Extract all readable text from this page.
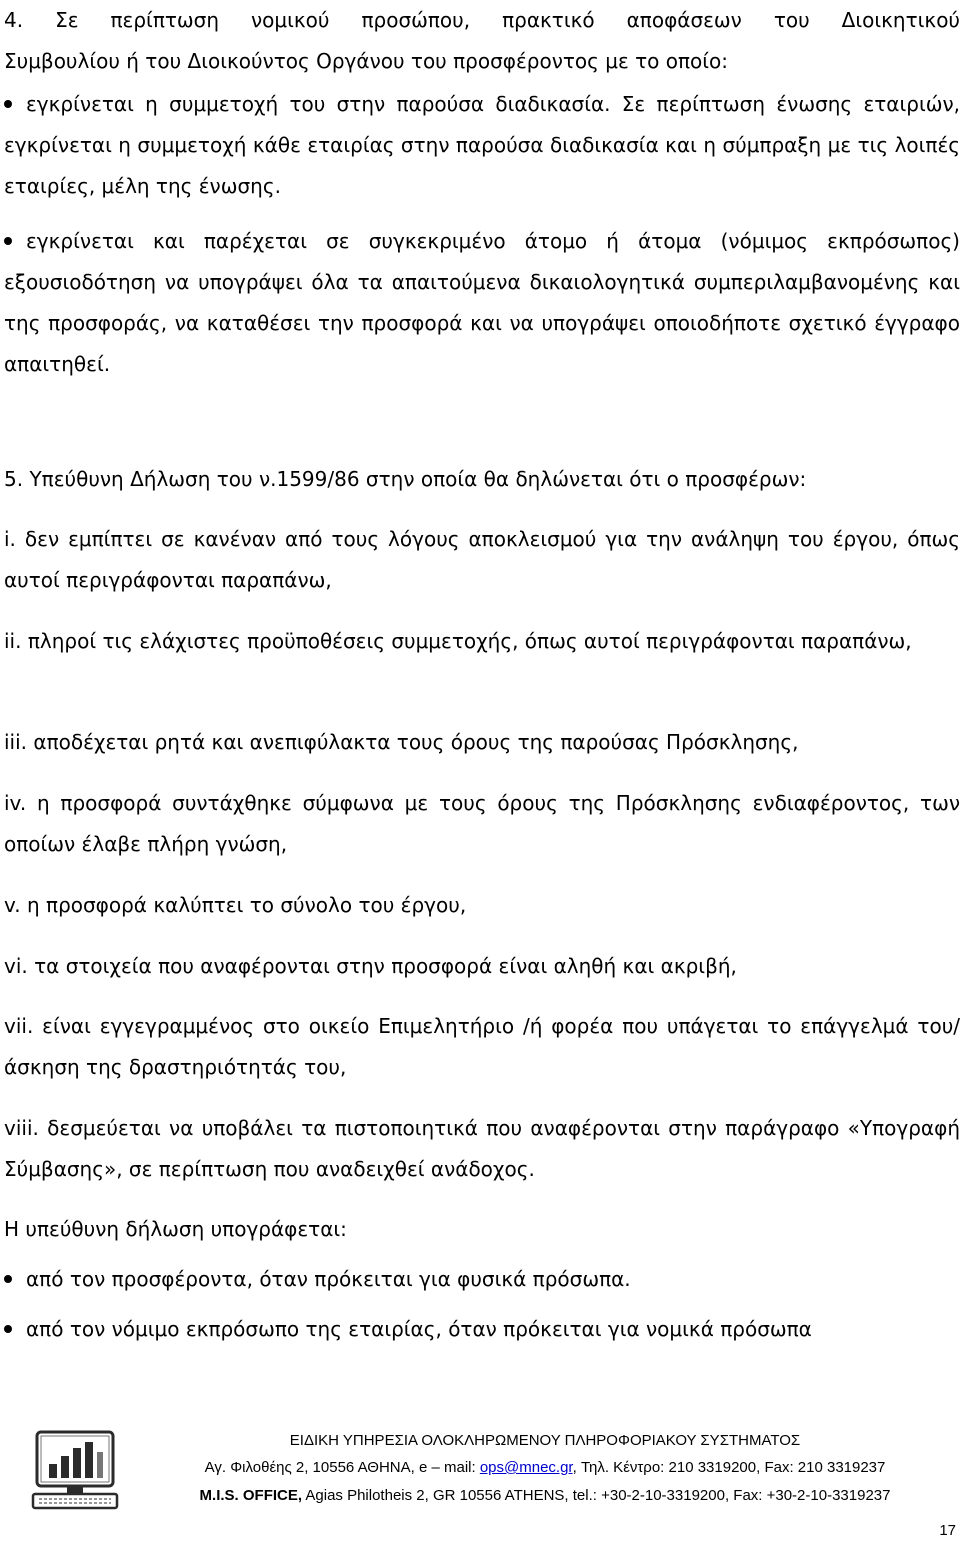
4. Σε περίπτωση νομικού προσώπου, πρακτικό αποφάσεων του Διοικητικού
Συμβουλίου ή του Διοικούντος Οργάνου του προσφέροντος με το οποίο:

εγκρίνεται η συμμετοχή του στην παρούσα διαδικασία. Σε περίπτωση ένωσης εταιριών, εγκρίνεται η συμμετοχή κάθε εταιρίας στην παρούσα διαδικασία και η σύμπραξη με τις λοιπές εταιρίες, μέλη της ένωσης.

εγκρίνεται και παρέχεται σε συγκεκριμένο άτομο ή άτομα (νόμιμος εκπρόσωπος) εξουσιοδότηση να υπογράψει όλα τα απαιτούμενα δικαιολογητικά συμπεριλαμβανομένης και της προσφοράς, να καταθέσει την προσφορά και να υπογράψει οποιοδήποτε σχετικό έγγραφο απαιτηθεί.

5. Υπεύθυνη Δήλωση του ν.1599/86 στην οποία θα δηλώνεται ότι ο προσφέρων:

i. δεν εμπίπτει σε κανέναν από τους λόγους αποκλεισμού για την ανάληψη του έργου, όπως αυτοί περιγράφονται παραπάνω,

ii. πληροί τις ελάχιστες προϋποθέσεις συμμετοχής, όπως αυτοί περιγράφονται παραπάνω,

iii. αποδέχεται ρητά και ανεπιφύλακτα τους όρους της παρούσας Πρόσκλησης,

iv. η προσφορά συντάχθηκε σύμφωνα με τους όρους της Πρόσκλησης ενδιαφέροντος, των οποίων έλαβε πλήρη γνώση,

v. η προσφορά καλύπτει το σύνολο του έργου,

vi. τα στοιχεία που αναφέρονται στην προσφορά είναι αληθή και ακριβή,

vii. είναι εγγεγραμμένος στο οικείο Επιμελητήριο /ή φορέα που υπάγεται το επάγγελμά του/άσκηση της δραστηριότητάς του,

viii. δεσμεύεται να υποβάλει τα πιστοποιητικά που αναφέρονται στην παράγραφο «Υπογραφή Σύμβασης», σε περίπτωση που αναδειχθεί ανάδοχος.

Η υπεύθυνη δήλωση υπογράφεται:

από τον προσφέροντα, όταν πρόκειται για φυσικά πρόσωπα.

από τον νόμιμο εκπρόσωπο της εταιρίας, όταν πρόκειται για νομικά πρόσωπα

ΕΙΔΙΚΗ ΥΠΗΡΕΣΙΑ ΟΛΟΚΛΗΡΩΜΕΝΟΥ ΠΛΗΡΟΦΟΡΙΑΚΟΥ ΣΥΣΤΗΜΑΤΟΣ
Αγ. Φιλοθέης 2, 10556 ΑΘΗΝΑ, e – mail: ops@mnec.gr, Τηλ. Κέντρο: 210 3319200, Fax: 210 3319237
M.I.S. OFFICE, Agias Philotheis 2, GR 10556 ATHENS, tel.: +30-2-10-3319200, Fax: +30-2-10-3319237
17
